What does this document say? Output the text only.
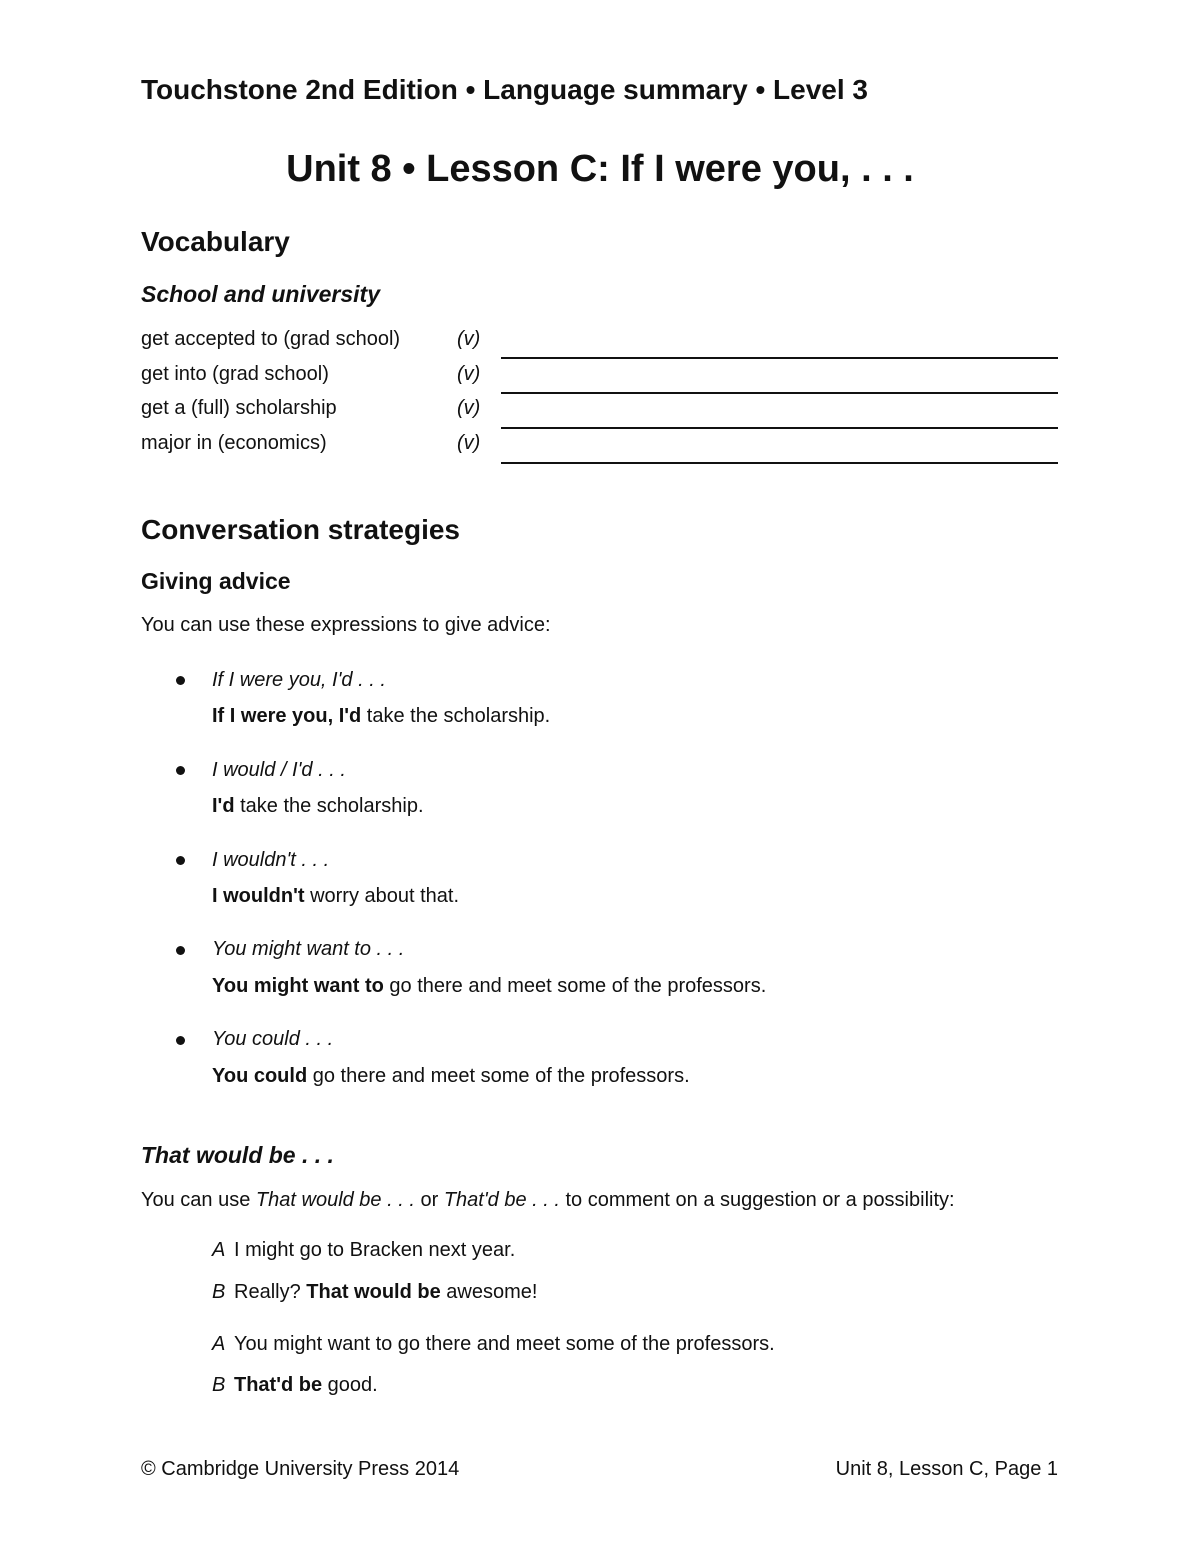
Touchstone 2nd Edition • Language summary • Level 3
Unit 8 • Lesson C: If I were you, . . .
Vocabulary
School and university
get accepted to (grad school)	(v)
get into (grad school)	(v)
get a (full) scholarship	(v)
major in (economics)	(v)
Conversation strategies
Giving advice
You can use these expressions to give advice:
If I were you, I'd . . .
If I were you, I'd take the scholarship.
I would / I'd . . .
I'd take the scholarship.
I wouldn't . . .
I wouldn't worry about that.
You might want to . . .
You might want to go there and meet some of the professors.
You could . . .
You could go there and meet some of the professors.
That would be . . .
You can use That would be . . . or That'd be . . . to comment on a suggestion or a possibility:
A I might go to Bracken next year.
B Really? That would be awesome!
A You might want to go there and meet some of the professors.
B That'd be good.
© Cambridge University Press 2014	Unit 8, Lesson C, Page 1
